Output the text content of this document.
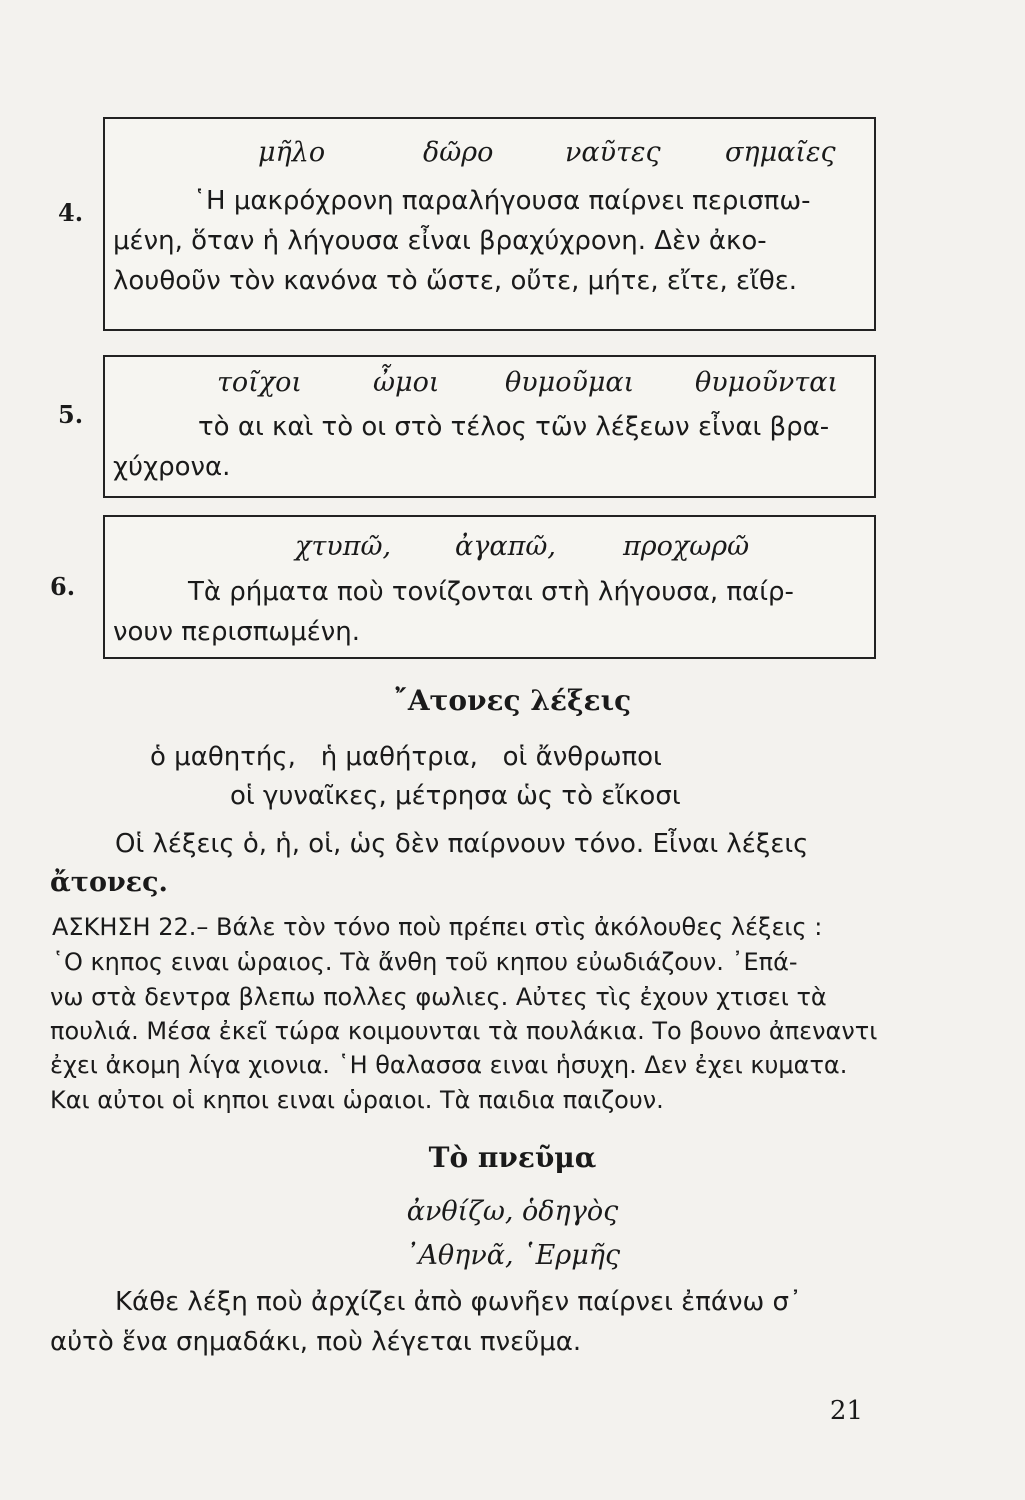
4.
μῆλο	δῶρο	ναῦτες σημαῖες
῾Η μακρόχρονη παραλήγουσα παίρνει περισπω-
μένη, ὅταν ἡ λήγουσα εἶναι βραχύχρονη. Δὲν ἀκο-
λουθοῦν τὸν κανόνα τὸ ὥστε, οὔτε, μήτε, εἴτε, εἴθε.
5.
τοῖχοι	ὦμοι θυμοῦμαι θυμοῦνται
τὸ αι καὶ τὸ οι στὸ τέλος τῶν λέξεων εἶναι βρα-
χύχρονα.
6.
χτυπῶ, ἀγαπῶ, προχωρῶ
Τὰ ρήματα ποὺ τονίζονται στὴ λήγουσα, παίρ-
νουν περισπωμένη.
῎Ατονες λέξεις
ὁ μαθητής,   ἡ μαθήτρια,   οἱ ἄνθρωποι
οἱ γυναῖκες, μέτρησα ὡς τὸ εἴκοσι
Οἱ λέξεις ὁ, ἡ, οἱ, ὡς δὲν παίρνουν τόνο. Εἶναι λέξεις
ἄτονες.
ΑΣΚΗΣΗ 22.– Βάλε τὸν τόνο ποὺ πρέπει στὶς ἀκόλουθες λέξεις :
῾Ο κηπος ειναι ὡραιος. Τὰ ἄνθη τοῦ κηπου εὐωδιάζουν. ᾿Επά-
νω στὰ δεντρα βλεπω πολλες φωλιες. Αὐτες τὶς ἐχουν χτισει τὰ
πουλιά. Μέσα ἐκεῖ τώρα κοιμουνται τὰ πουλάκια. Το βουνο ἀπεναντι
ἐχει ἀκομη λίγα χιονια. ῾Η θαλασσα ειναι ἡσυχη. Δεν ἐχει κυματα.
Και αὐτοι οἱ κηποι ειναι ὡραιοι. Τὰ παιδια παιζουν.
Τὸ πνεῦμα
ἀνθίζω, ὁδηγὸς
᾿Αθηνᾶ, ῾Ερμῆς
Κάθε λέξη ποὺ ἀρχίζει ἀπὸ φωνῆεν παίρνει ἐπάνω σ᾿
αὐτὸ ἕνα σημαδάκι, ποὺ λέγεται πνεῦμα.
21
